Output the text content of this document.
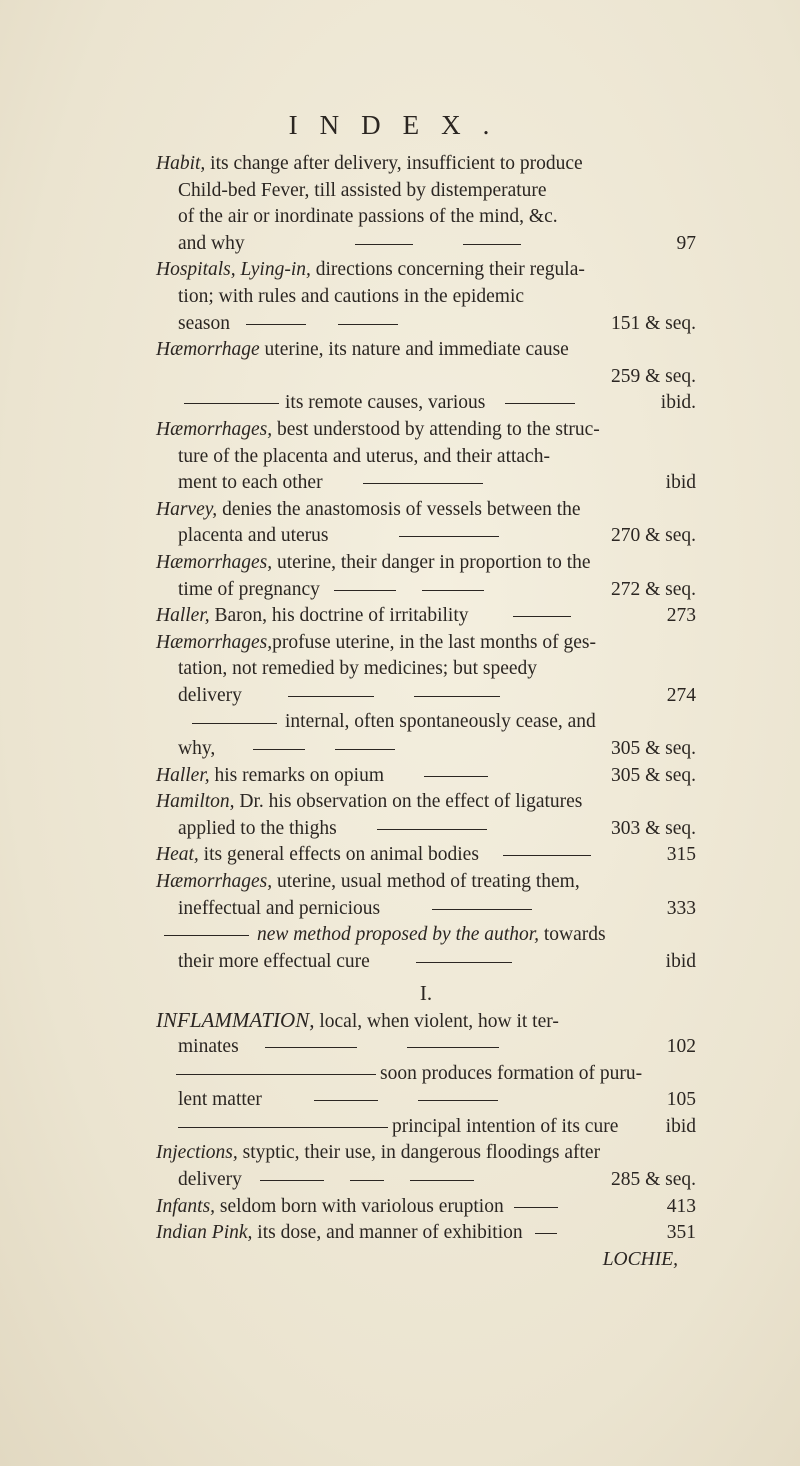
INDEX.
Habit, its change after delivery, insufficient to produce
Child-bed Fever, till assisted by distemperature
of the air or inordinate passions of the mind, &c.
and why	97
Hospitals, Lying-in, directions concerning their regula-
tion; with rules and cautions in the epidemic
season	151 & seq.
Hæmorrhage uterine, its nature and immediate cause
259 & seq.
its remote causes, various	ibid.
Hæmorrhages, best understood by attending to the struc-
ture of the placenta and uterus, and their attach-
ment to each other	ibid
Harvey, denies the anastomosis of vessels between the
placenta and uterus	270 & seq.
Hæmorrhages, uterine, their danger in proportion to the
time of pregnancy	272 & seq.
Haller, Baron, his doctrine of irritability	273
Hæmorrhages,profuse uterine, in the last months of ges-
tation, not remedied by medicines; but speedy
delivery	274
internal, often spontaneously cease, and
why,	305 & seq.
Haller, his remarks on opium	305 & seq.
Hamilton, Dr. his observation on the effect of ligatures
applied to the thighs	303 & seq.
Heat, its general effects on animal bodies	315
Hæmorrhages, uterine, usual method of treating them,
ineffectual and pernicious	333
new method proposed by the author, towards
their more effectual cure	ibid
I.
INFLAMMATION, local, when violent, how it ter-
minates	102
soon produces formation of puru-
lent matter	105
principal intention of its cure ibid
Injections, styptic, their use, in dangerous floodings after
delivery	285 & seq.
Infants, seldom born with variolous eruption	413
Indian Pink, its dose, and manner of exhibition	351
LOCHIE,
